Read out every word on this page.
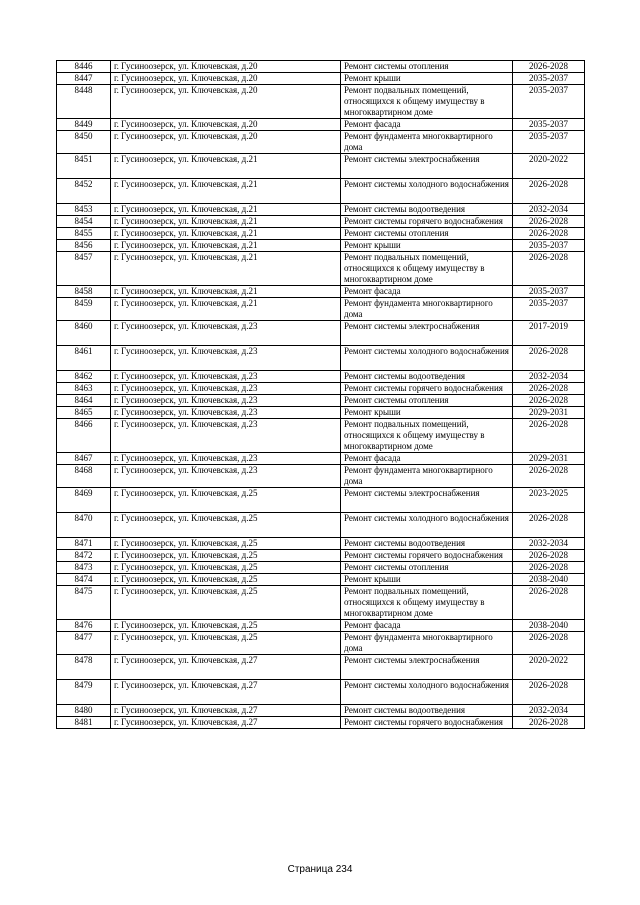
8446	г. Гусиноозерск, ул. Ключевская, д.20	Ремонт системы отопления	2026-2028
8447	г. Гусиноозерск, ул. Ключевская, д.20	Ремонт крыши	2035-2037
8448	г. Гусиноозерск, ул. Ключевская, д.20	Ремонт подвальных помещений, относящихся к общему имуществу в многоквартирном доме	2035-2037
8449	г. Гусиноозерск, ул. Ключевская, д.20	Ремонт фасада	2035-2037
8450	г. Гусиноозерск, ул. Ключевская, д.20	Ремонт фундамента многоквартирного дома	2035-2037
8451	г. Гусиноозерск, ул. Ключевская, д.21	Ремонт системы электроснабжения	2020-2022
8452	г. Гусиноозерск, ул. Ключевская, д.21	Ремонт системы холодного водоснабжения	2026-2028
8453	г. Гусиноозерск, ул. Ключевская, д.21	Ремонт системы водоотведения	2032-2034
8454	г. Гусиноозерск, ул. Ключевская, д.21	Ремонт системы горячего водоснабжения	2026-2028
8455	г. Гусиноозерск, ул. Ключевская, д.21	Ремонт системы отопления	2026-2028
8456	г. Гусиноозерск, ул. Ключевская, д.21	Ремонт крыши	2035-2037
8457	г. Гусиноозерск, ул. Ключевская, д.21	Ремонт подвальных помещений, относящихся к общему имуществу в многоквартирном доме	2026-2028
8458	г. Гусиноозерск, ул. Ключевская, д.21	Ремонт фасада	2035-2037
8459	г. Гусиноозерск, ул. Ключевская, д.21	Ремонт фундамента многоквартирного дома	2035-2037
8460	г. Гусиноозерск, ул. Ключевская, д.23	Ремонт системы электроснабжения	2017-2019
8461	г. Гусиноозерск, ул. Ключевская, д.23	Ремонт системы холодного водоснабжения	2026-2028
8462	г. Гусиноозерск, ул. Ключевская, д.23	Ремонт системы водоотведения	2032-2034
8463	г. Гусиноозерск, ул. Ключевская, д.23	Ремонт системы горячего водоснабжения	2026-2028
8464	г. Гусиноозерск, ул. Ключевская, д.23	Ремонт системы отопления	2026-2028
8465	г. Гусиноозерск, ул. Ключевская, д.23	Ремонт крыши	2029-2031
8466	г. Гусиноозерск, ул. Ключевская, д.23	Ремонт подвальных помещений, относящихся к общему имуществу в многоквартирном доме	2026-2028
8467	г. Гусиноозерск, ул. Ключевская, д.23	Ремонт фасада	2029-2031
8468	г. Гусиноозерск, ул. Ключевская, д.23	Ремонт фундамента многоквартирного дома	2026-2028
8469	г. Гусиноозерск, ул. Ключевская, д.25	Ремонт системы электроснабжения	2023-2025
8470	г. Гусиноозерск, ул. Ключевская, д.25	Ремонт системы холодного водоснабжения	2026-2028
8471	г. Гусиноозерск, ул. Ключевская, д.25	Ремонт системы водоотведения	2032-2034
8472	г. Гусиноозерск, ул. Ключевская, д.25	Ремонт системы горячего водоснабжения	2026-2028
8473	г. Гусиноозерск, ул. Ключевская, д.25	Ремонт системы отопления	2026-2028
8474	г. Гусиноозерск, ул. Ключевская, д.25	Ремонт крыши	2038-2040
8475	г. Гусиноозерск, ул. Ключевская, д.25	Ремонт подвальных помещений, относящихся к общему имуществу в многоквартирном доме	2026-2028
8476	г. Гусиноозерск, ул. Ключевская, д.25	Ремонт фасада	2038-2040
8477	г. Гусиноозерск, ул. Ключевская, д.25	Ремонт фундамента многоквартирного дома	2026-2028
8478	г. Гусиноозерск, ул. Ключевская, д.27	Ремонт системы электроснабжения	2020-2022
8479	г. Гусиноозерск, ул. Ключевская, д.27	Ремонт системы холодного водоснабжения	2026-2028
8480	г. Гусиноозерск, ул. Ключевская, д.27	Ремонт системы водоотведения	2032-2034
8481	г. Гусиноозерск, ул. Ключевская, д.27	Ремонт системы горячего водоснабжения	2026-2028
Страница 234
